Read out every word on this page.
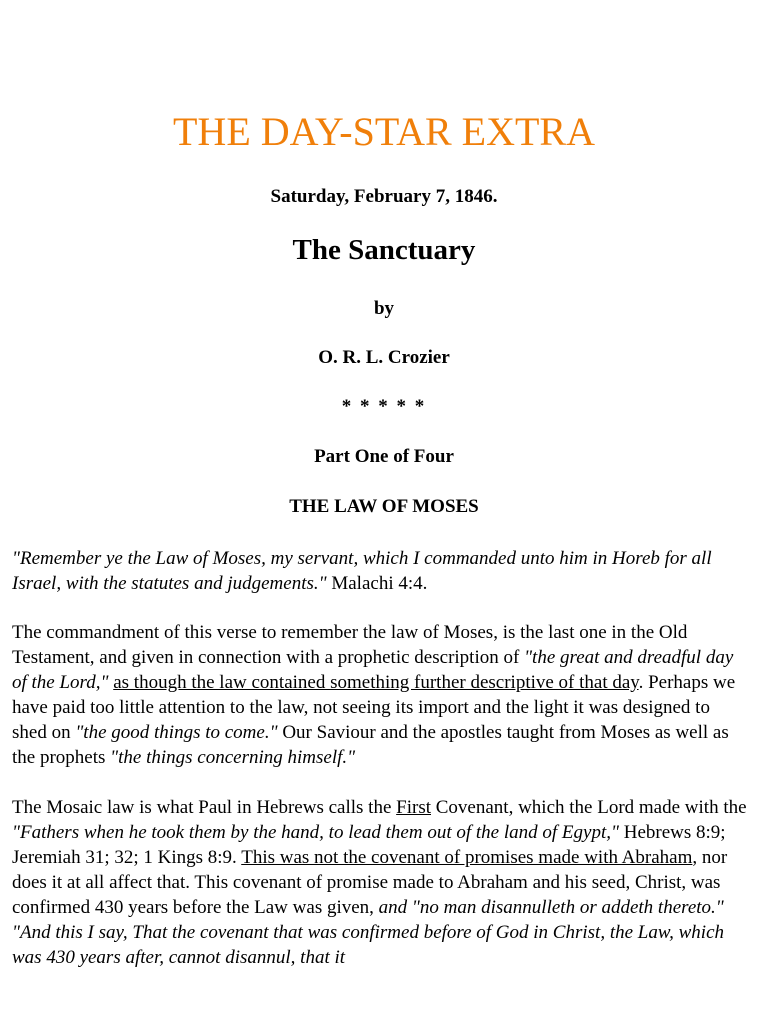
THE DAY-STAR EXTRA

Saturday, February 7, 1846.

The Sanctuary

by

O. R. L. Crozier

* * * * *

Part One of Four

THE LAW OF MOSES

"Remember ye the Law of Moses, my servant, which I commanded unto him in Horeb for all Israel, with the statutes and judgements." Malachi 4:4.

The commandment of this verse to remember the law of Moses, is the last one in the Old Testament, and given in connection with a prophetic description of "the great and dreadful day of the Lord," as though the law contained something further descriptive of that day. Perhaps we have paid too little attention to the law, not seeing its import and the light it was designed to shed on "the good things to come." Our Saviour and the apostles taught from Moses as well as the prophets "the things concerning himself."

The Mosaic law is what Paul in Hebrews calls the First Covenant, which the Lord made with the "Fathers when he took them by the hand, to lead them out of the land of Egypt," Hebrews 8:9; Jeremiah 31; 32; 1 Kings 8:9. This was not the covenant of promises made with Abraham, nor does it at all affect that. This covenant of promise made to Abraham and his seed, Christ, was confirmed 430 years before the Law was given, and "no man disannulleth or addeth thereto." "And this I say, That the covenant that was confirmed before of God in Christ, the Law, which was 430 years after, cannot disannul, that it
